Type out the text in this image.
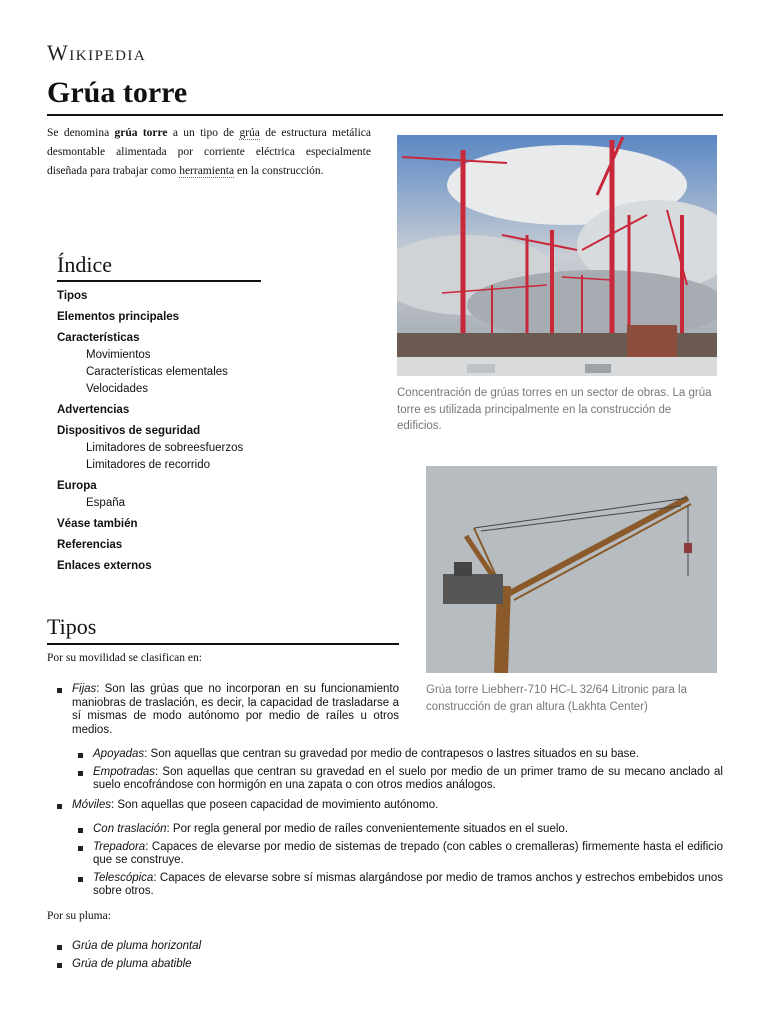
Wikipedia
Grúa torre

Se denomina grúa torre a un tipo de grúa de estructura metálica desmontable alimentada por corriente eléctrica especialmente diseñada para trabajar como herramienta en la construcción.

Concentración de grúas torres en un sector de obras. La grúa torre es utilizada principalmente en la construcción de edificios.
Grúa torre Liebherr-710 HC-L 32/64 Litronic para la construcción de gran altura (Lakhta Center)
Índice
Tipos
Elementos principales
Características
Movimientos
Características elementales
Velocidades
Advertencias
Dispositivos de seguridad
Limitadores de sobreesfuerzos
Limitadores de recorrido
Europa
España
Véase también
Referencias
Enlaces externos
Tipos

Por su movilidad se clasifican en:

Fijas: Son las grúas que no incorporan en su funcionamiento maniobras de traslación, es decir, la capacidad de trasladarse a sí mismas de modo autónomo por medio de raíles u otros medios.
Apoyadas: Son aquellas que centran su gravedad por medio de contrapesos o lastres situados en su base.
Empotradas: Son aquellas que centran su gravedad en el suelo por medio de un primer tramo de su mecano anclado al suelo encofrándose con hormigón en una zapata o con otros medios análogos.
Móviles: Son aquellas que poseen capacidad de movimiento autónomo.
Con traslación: Por regla general por medio de raíles convenientemente situados en el suelo.
Trepadora: Capaces de elevarse por medio de sistemas de trepado (con cables o cremalleras) firmemente hasta el edificio que se construye.
Telescópica: Capaces de elevarse sobre sí mismas alargándose por medio de tramos anchos y estrechos embebidos unos sobre otros.

Por su pluma:

Grúa de pluma horizontal
Grúa de pluma abatible
